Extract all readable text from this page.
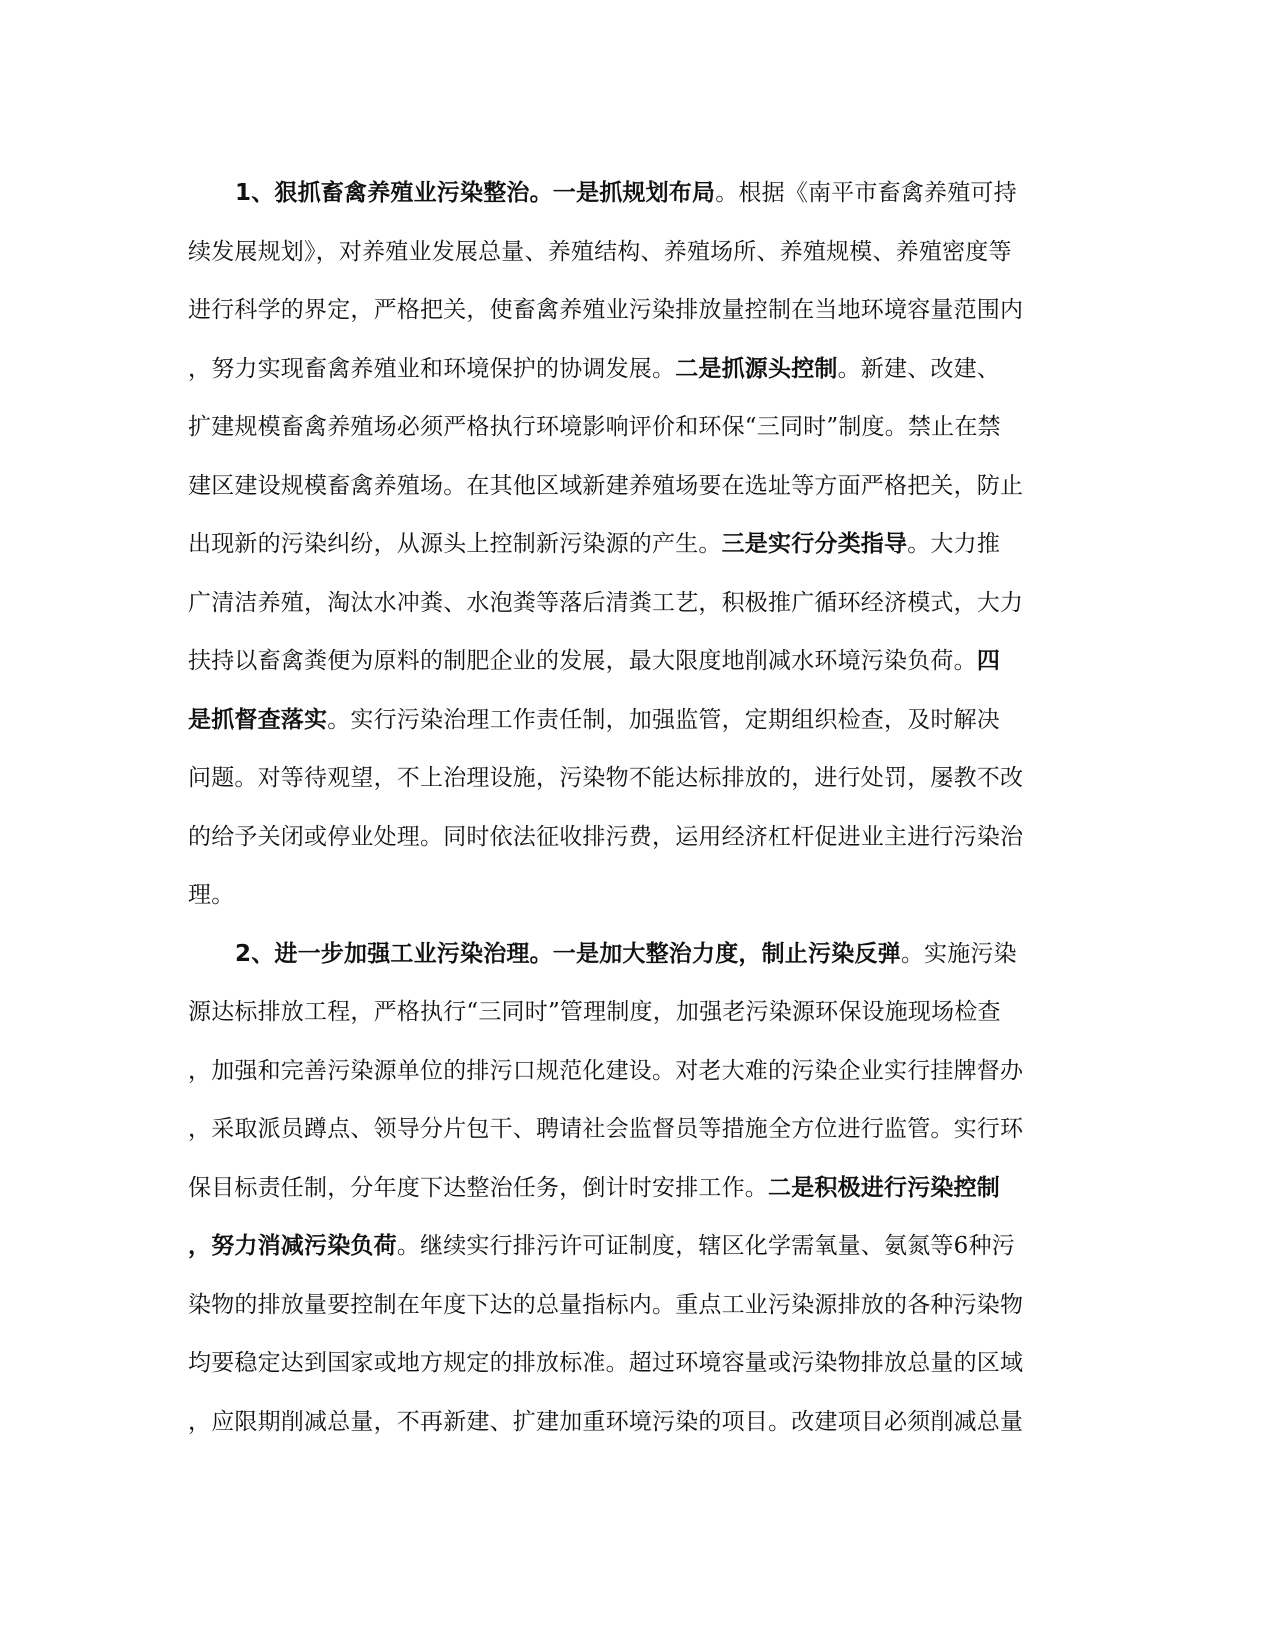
1、狠抓畜禽养殖业污染整治。一是抓规划布局。根据《南平市畜禽养殖可持
续发展规划》，对养殖业发展总量、养殖结构、养殖场所、养殖规模、养殖密度等
进行科学的界定，严格把关，使畜禽养殖业污染排放量控制在当地环境容量范围内
，努力实现畜禽养殖业和环境保护的协调发展。二是抓源头控制。新建、改建、
扩建规模畜禽养殖场必须严格执行环境影响评价和环保“三同时”制度。禁止在禁
建区建设规模畜禽养殖场。在其他区域新建养殖场要在选址等方面严格把关，防止
出现新的污染纠纷，从源头上控制新污染源的产生。三是实行分类指导。大力推
广清洁养殖，淘汰水冲粪、水泡粪等落后清粪工艺，积极推广循环经济模式，大力
扶持以畜禽粪便为原料的制肥企业的发展，最大限度地削减水环境污染负荷。四
是抓督查落实。实行污染治理工作责任制，加强监管，定期组织检查，及时解决
问题。对等待观望，不上治理设施，污染物不能达标排放的，进行处罚，屡教不改
的给予关闭或停业处理。同时依法征收排污费，运用经济杠杆促进业主进行污染治
理。
2、进一步加强工业污染治理。一是加大整治力度，制止污染反弹。实施污染
源达标排放工程，严格执行“三同时”管理制度，加强老污染源环保设施现场检查
，加强和完善污染源单位的排污口规范化建设。对老大难的污染企业实行挂牌督办
，采取派员蹲点、领导分片包干、聘请社会监督员等措施全方位进行监管。实行环
保目标责任制，分年度下达整治任务，倒计时安排工作。二是积极进行污染控制
，努力消减污染负荷。继续实行排污许可证制度，辖区化学需氧量、氨氮等6种污
染物的排放量要控制在年度下达的总量指标内。重点工业污染源排放的各种污染物
均要稳定达到国家或地方规定的排放标准。超过环境容量或污染物排放总量的区域
，应限期削减总量，不再新建、扩建加重环境污染的项目。改建项目必须削减总量
